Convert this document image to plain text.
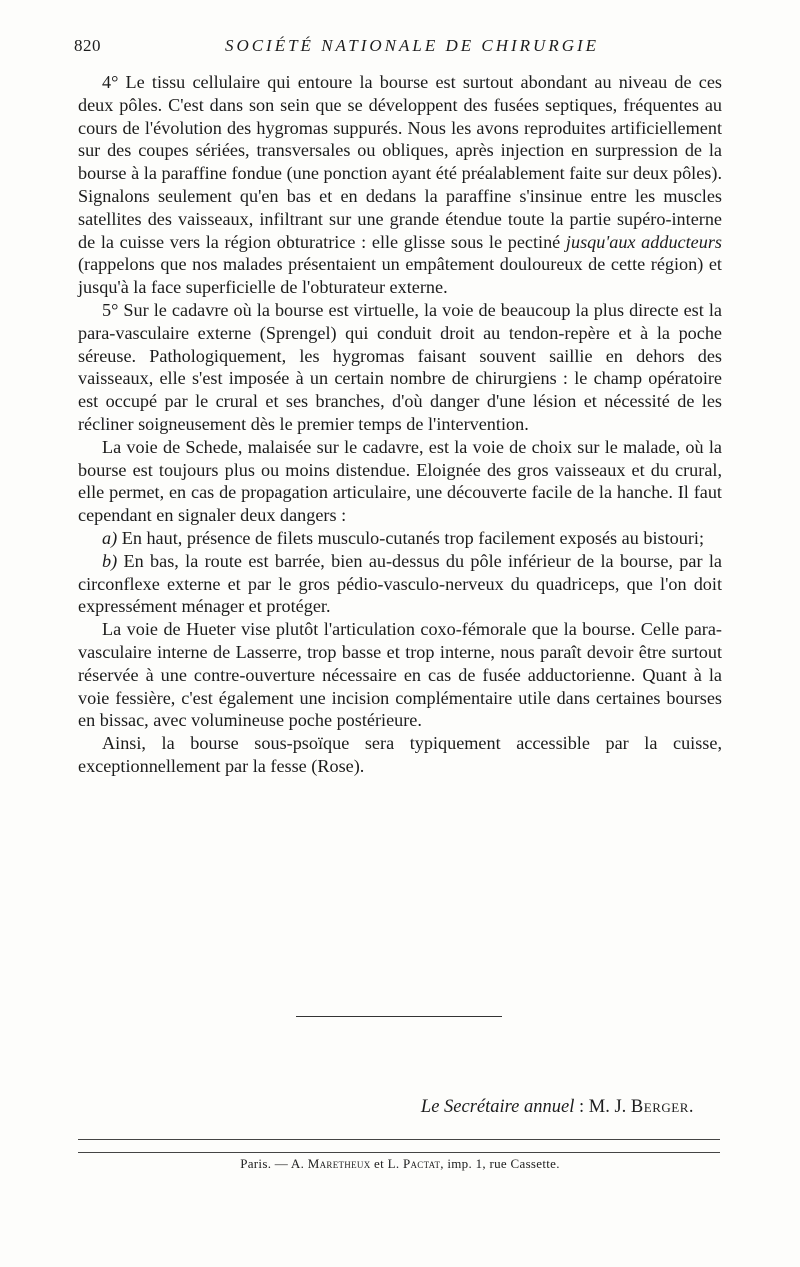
820	SOCIÉTÉ NATIONALE DE CHIRURGIE

4° Le tissu cellulaire qui entoure la bourse est surtout abondant au niveau de ces deux pôles. C'est dans son sein que se développent des fusées septiques, fréquentes au cours de l'évolution des hygromas suppurés. Nous les avons reproduites artificiellement sur des coupes sériées, transversales ou obliques, après injection en surpression de la bourse à la paraffine fondue (une ponction ayant été préalablement faite sur deux pôles). Signalons seulement qu'en bas et en dedans la paraffine s'insinue entre les muscles satellites des vaisseaux, infiltrant sur une grande étendue toute la partie supéro-interne de la cuisse vers la région obturatrice : elle glisse sous le pectiné jusqu'aux adducteurs (rappelons que nos malades présentaient un empâtement douloureux de cette région) et jusqu'à la face superficielle de l'obturateur externe.

5° Sur le cadavre où la bourse est virtuelle, la voie de beaucoup la plus directe est la para-vasculaire externe (Sprengel) qui conduit droit au tendon-repère et à la poche séreuse. Pathologiquement, les hygromas faisant souvent saillie en dehors des vaisseaux, elle s'est imposée à un certain nombre de chirurgiens : le champ opératoire est occupé par le crural et ses branches, d'où danger d'une lésion et nécessité de les récliner soigneusement dès le premier temps de l'intervention.

La voie de Schede, malaisée sur le cadavre, est la voie de choix sur le malade, où la bourse est toujours plus ou moins distendue. Eloignée des gros vaisseaux et du crural, elle permet, en cas de propagation articulaire, une découverte facile de la hanche. Il faut cependant en signaler deux dangers :

a) En haut, présence de filets musculo-cutanés trop facilement exposés au bistouri;

b) En bas, la route est barrée, bien au-dessus du pôle inférieur de la bourse, par la circonflexe externe et par le gros pédio-vasculo-nerveux du quadriceps, que l'on doit expressément ménager et protéger.

La voie de Hueter vise plutôt l'articulation coxo-fémorale que la bourse. Celle para-vasculaire interne de Lasserre, trop basse et trop interne, nous paraît devoir être surtout réservée à une contre-ouverture nécessaire en cas de fusée adductorienne. Quant à la voie fessière, c'est également une incision complémentaire utile dans certaines bourses en bissac, avec volumineuse poche postérieure.

Ainsi, la bourse sous-psoïque sera typiquement accessible par la cuisse, exceptionnellement par la fesse (Rose).

Le Secrétaire annuel : M. J. Berger.
Paris. — A. Maretheux et L. Pactat, imp. 1, rue Cassette.
